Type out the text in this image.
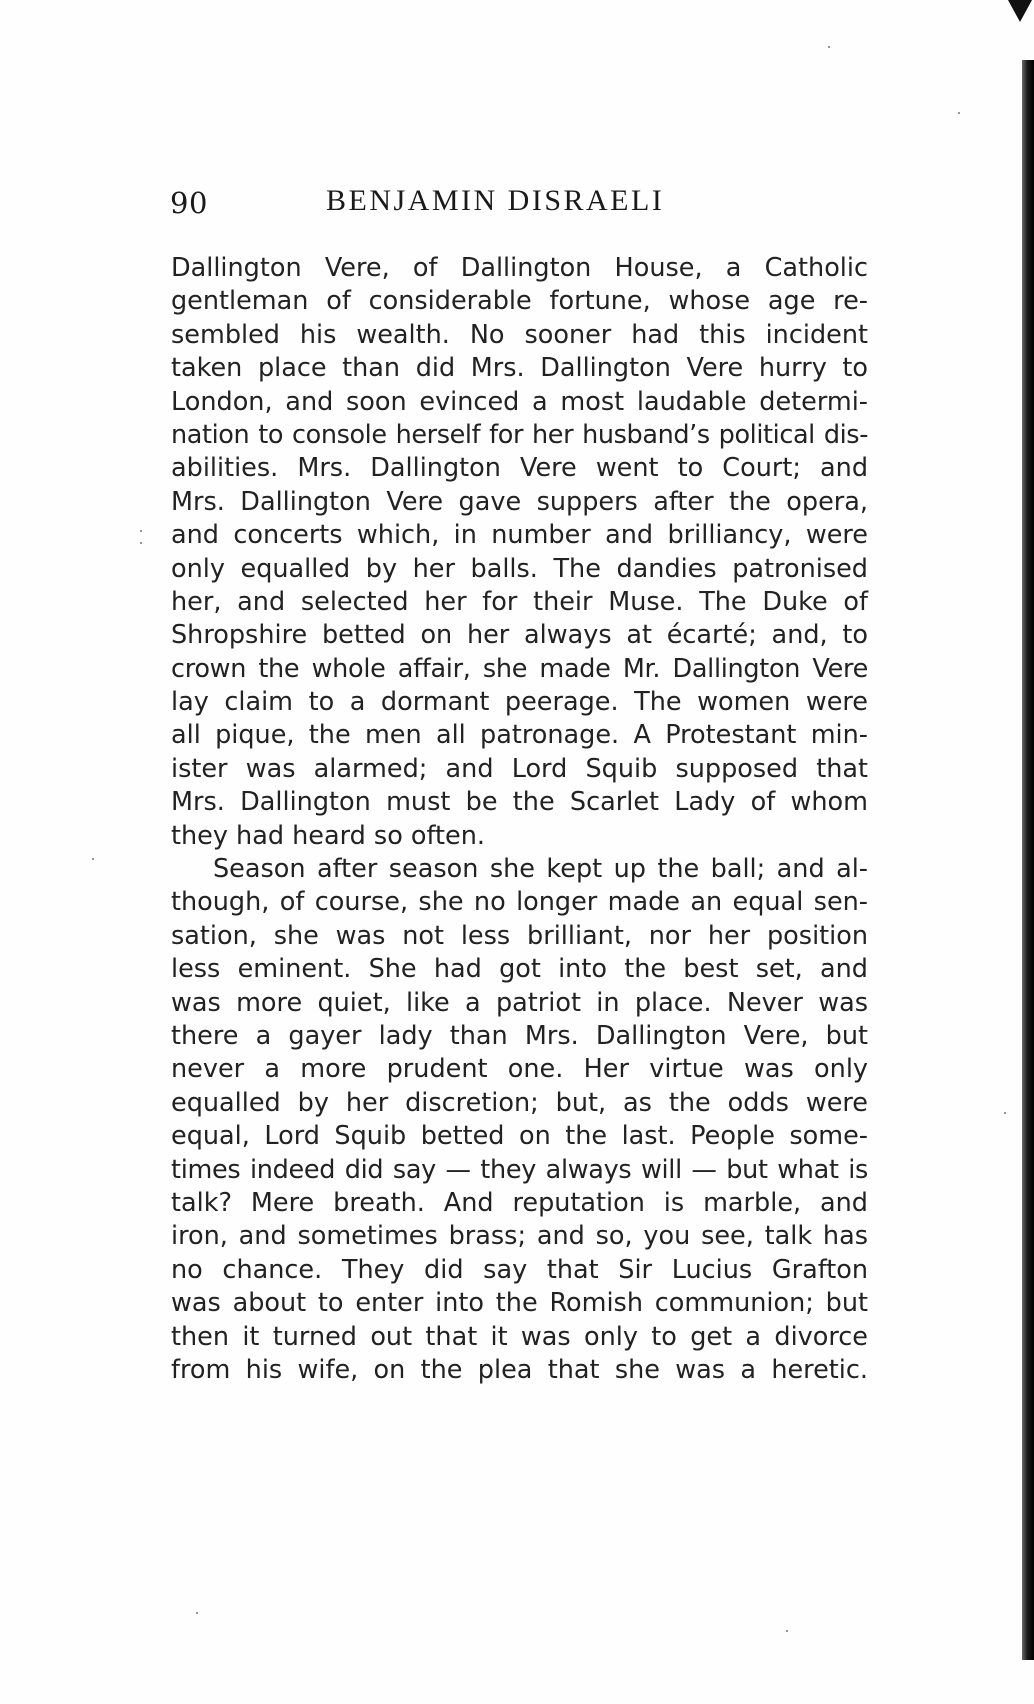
90	BENJAMIN DISRAELI
Dallington Vere, of Dallington House, a Catholic
gentleman of considerable fortune, whose age re-
sembled his wealth. No sooner had this incident
taken place than did Mrs. Dallington Vere hurry to
London, and soon evinced a most laudable determi-
nation to console herself for her husband’s political dis-
abilities. Mrs. Dallington Vere went to Court; and
Mrs. Dallington Vere gave suppers after the opera,
and concerts which, in number and brilliancy, were
only equalled by her balls. The dandies patronised
her, and selected her for their Muse. The Duke of
Shropshire betted on her always at écarté; and, to
crown the whole affair, she made Mr. Dallington Vere
lay claim to a dormant peerage. The women were
all pique, the men all patronage. A Protestant min-
ister was alarmed; and Lord Squib supposed that
Mrs. Dallington must be the Scarlet Lady of whom
they had heard so often.
Season after season she kept up the ball; and al-
though, of course, she no longer made an equal sen-
sation, she was not less brilliant, nor her position
less eminent. She had got into the best set, and
was more quiet, like a patriot in place. Never was
there a gayer lady than Mrs. Dallington Vere, but
never a more prudent one. Her virtue was only
equalled by her discretion; but, as the odds were
equal, Lord Squib betted on the last. People some-
times indeed did say — they always will — but what is
talk? Mere breath. And reputation is marble, and
iron, and sometimes brass; and so, you see, talk has
no chance. They did say that Sir Lucius Grafton
was about to enter into the Romish communion; but
then it turned out that it was only to get a divorce
from his wife, on the plea that she was a heretic.
